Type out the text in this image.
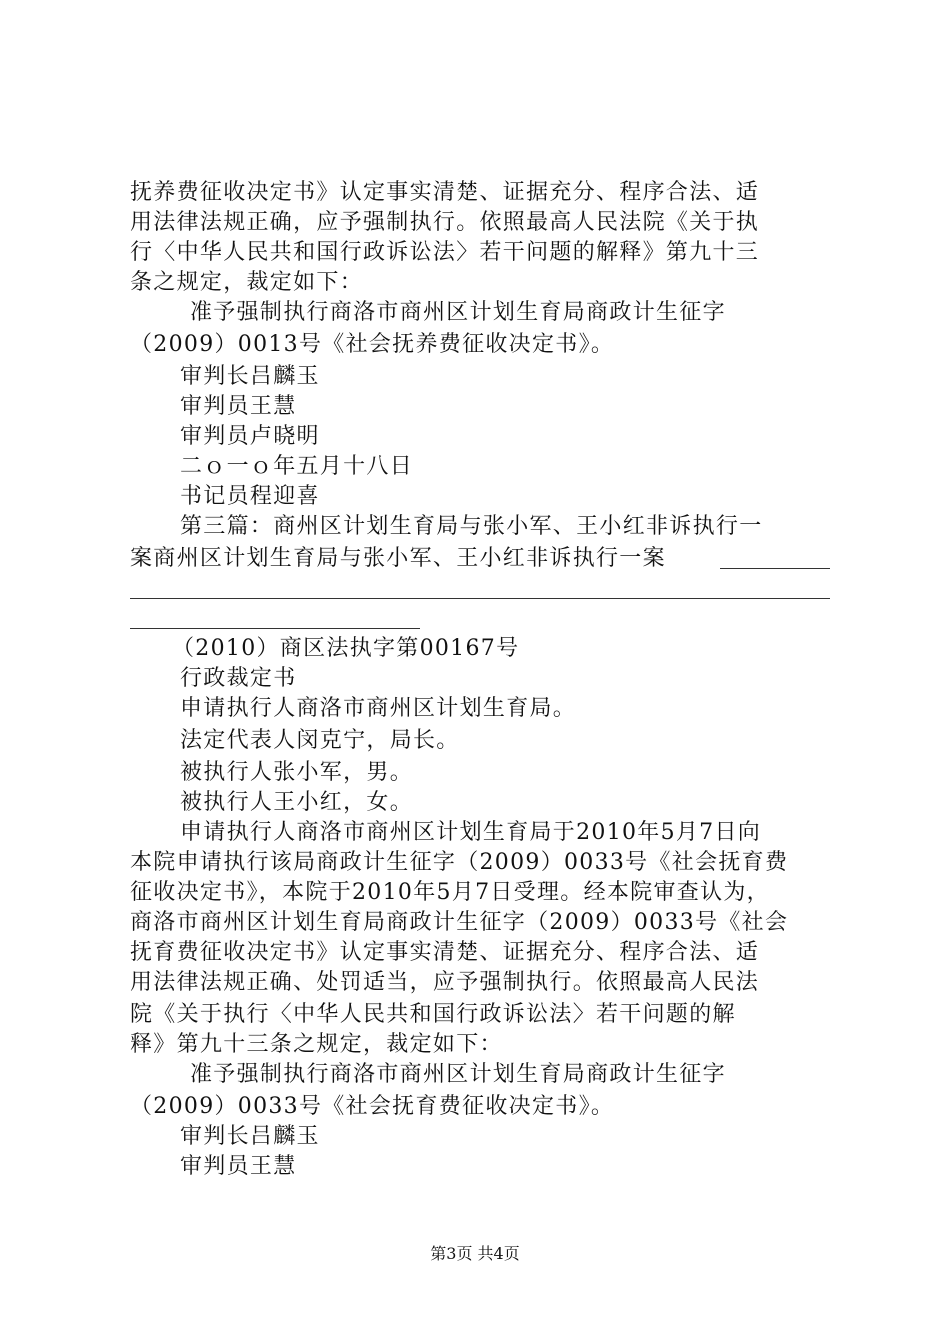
抚养费征收决定书》认定事实清楚、证据充分、程序合法、适
用法律法规正确，应予强制执行。依照最高人民法院《关于执
行〈中华人民共和国行政诉讼法〉若干问题的解释》第九十三
条之规定，裁定如下：
准予强制执行商洛市商州区计划生育局商政计生征字
（2009）0013号《社会抚养费征收决定书》。
审判长吕麟玉
审判员王慧
审判员卢晓明
二ｏ一ｏ年五月十八日
书记员程迎喜
第三篇：商州区计划生育局与张小军、王小红非诉执行一
案商州区计划生育局与张小军、王小红非诉执行一案
（2010）商区法执字第00167号
行政裁定书
申请执行人商洛市商州区计划生育局。
法定代表人闵克宁，局长。
被执行人张小军，男。
被执行人王小红，女。
申请执行人商洛市商州区计划生育局于2010年5月7日向
本院申请执行该局商政计生征字（2009）0033号《社会抚育费
征收决定书》，本院于2010年5月7日受理。经本院审查认为，
商洛市商州区计划生育局商政计生征字（2009）0033号《社会
抚育费征收决定书》认定事实清楚、证据充分、程序合法、适
用法律法规正确、处罚适当，应予强制执行。依照最高人民法
院《关于执行〈中华人民共和国行政诉讼法〉若干问题的解
释》第九十三条之规定，裁定如下：
准予强制执行商洛市商州区计划生育局商政计生征字
（2009）0033号《社会抚育费征收决定书》。
审判长吕麟玉
审判员王慧
第3页 共4页
